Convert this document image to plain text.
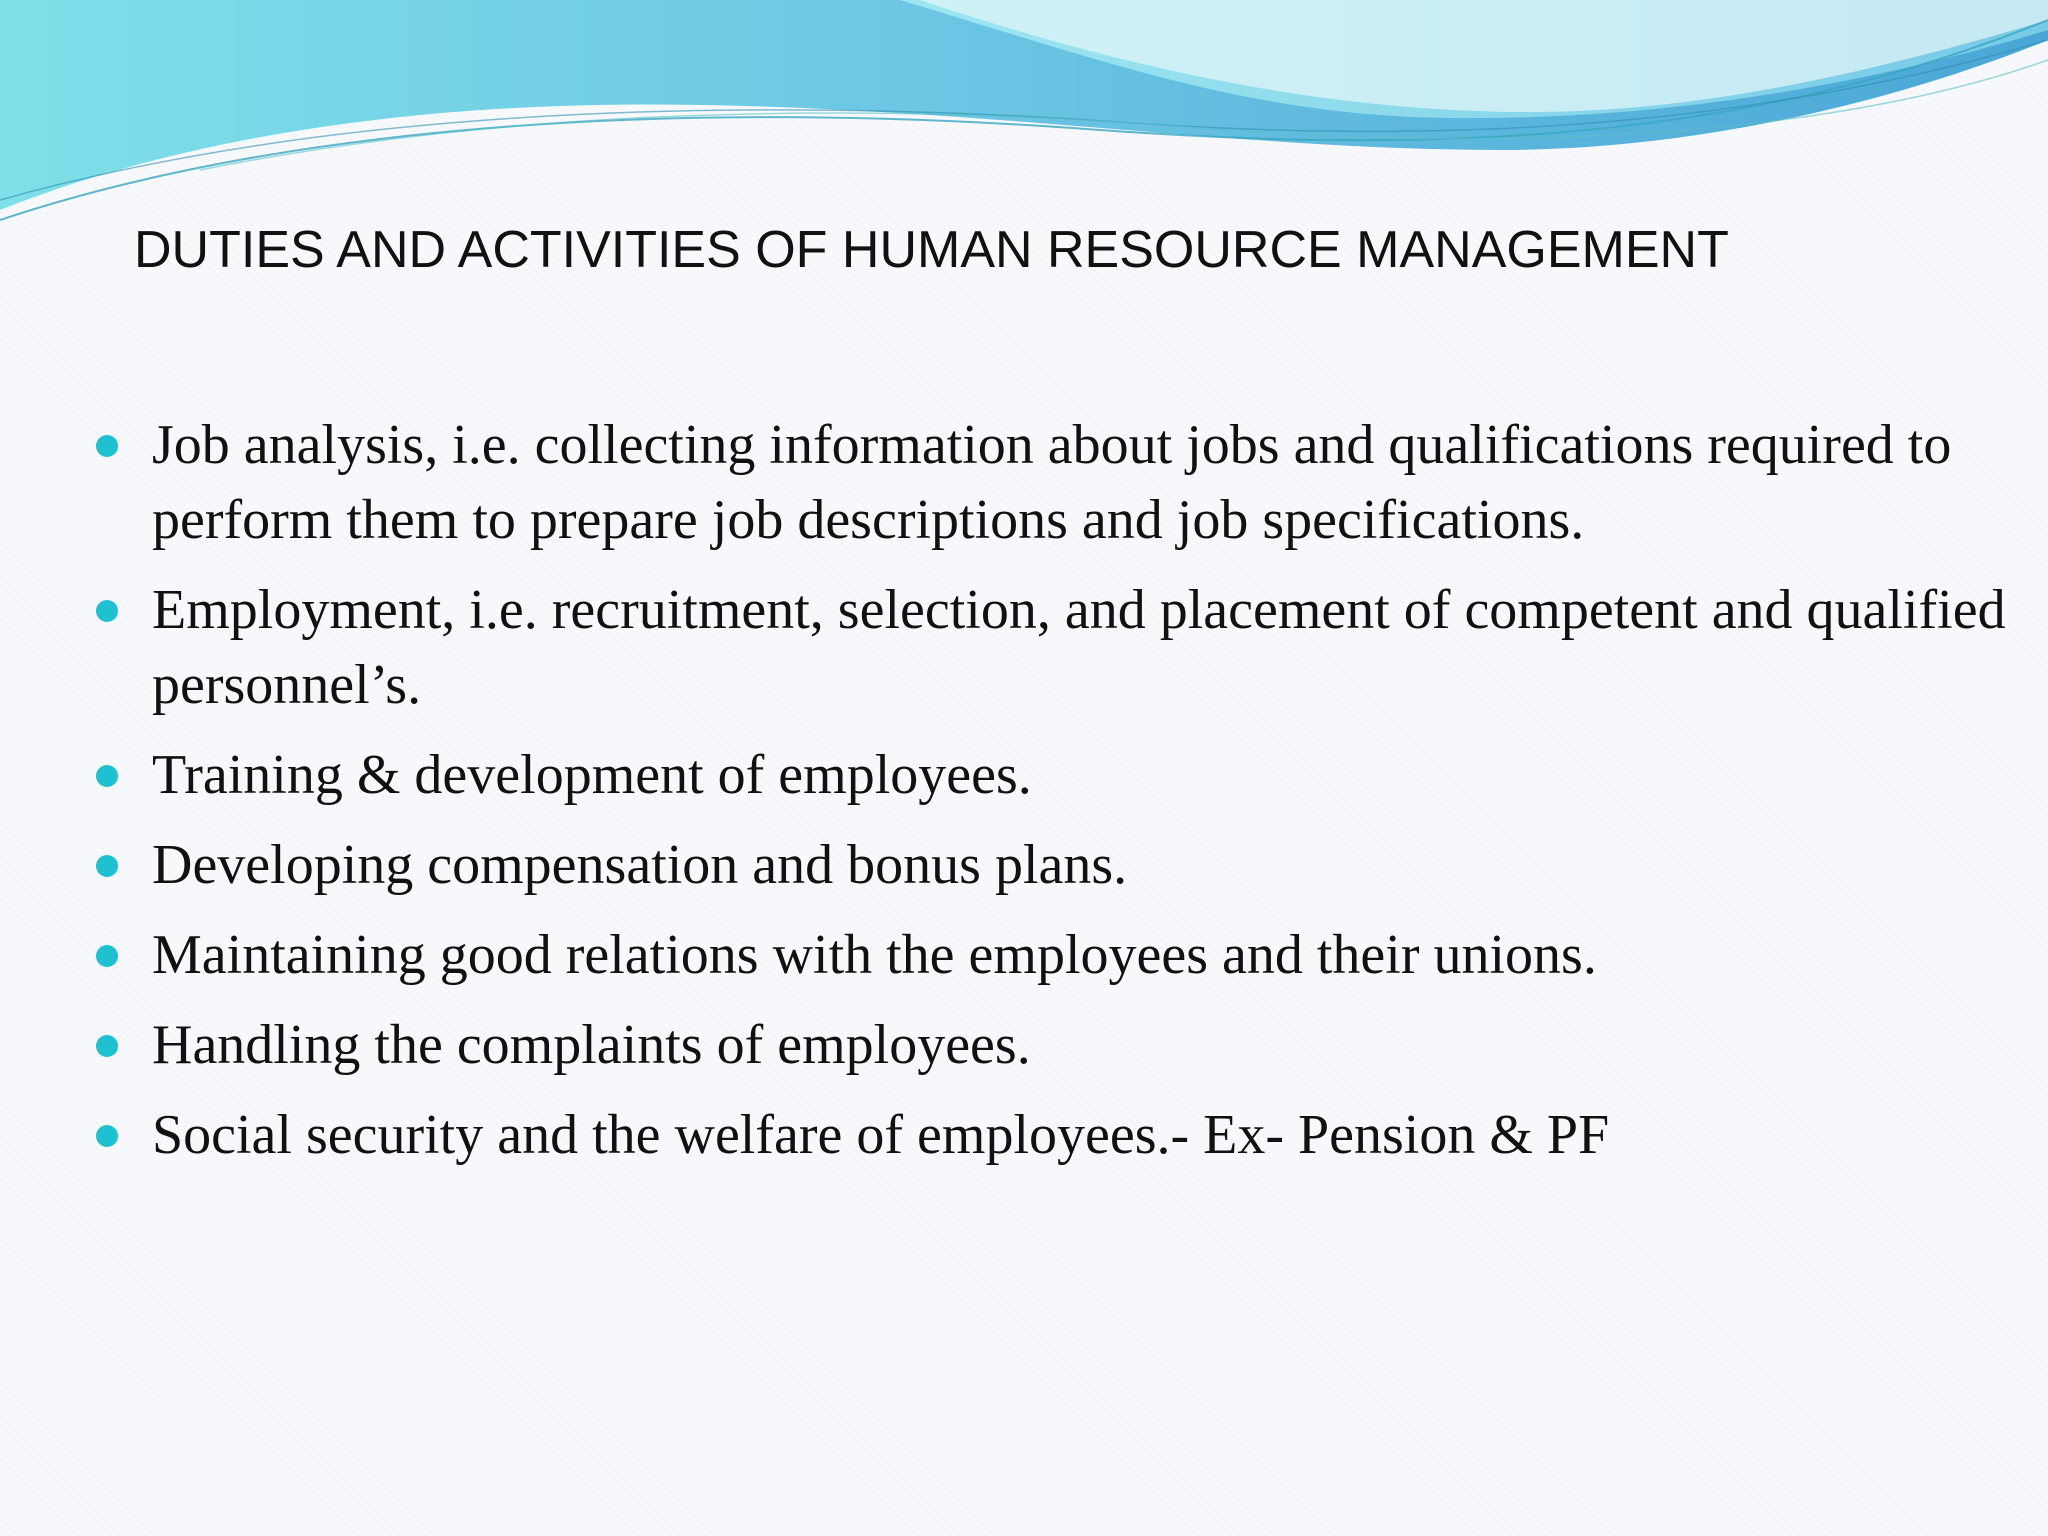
DUTIES AND ACTIVITIES OF HUMAN RESOURCE MANAGEMENT
Job analysis, i.e. collecting information about jobs and qualifications required to perform them to prepare job descriptions and job specifications.
Employment, i.e. recruitment, selection, and placement of competent and qualified personnel’s.
Training & development of employees.
Developing compensation and bonus plans.
Maintaining good relations with the employees and their unions.
Handling the complaints of employees.
Social security and the welfare of employees.- Ex- Pension & PF
